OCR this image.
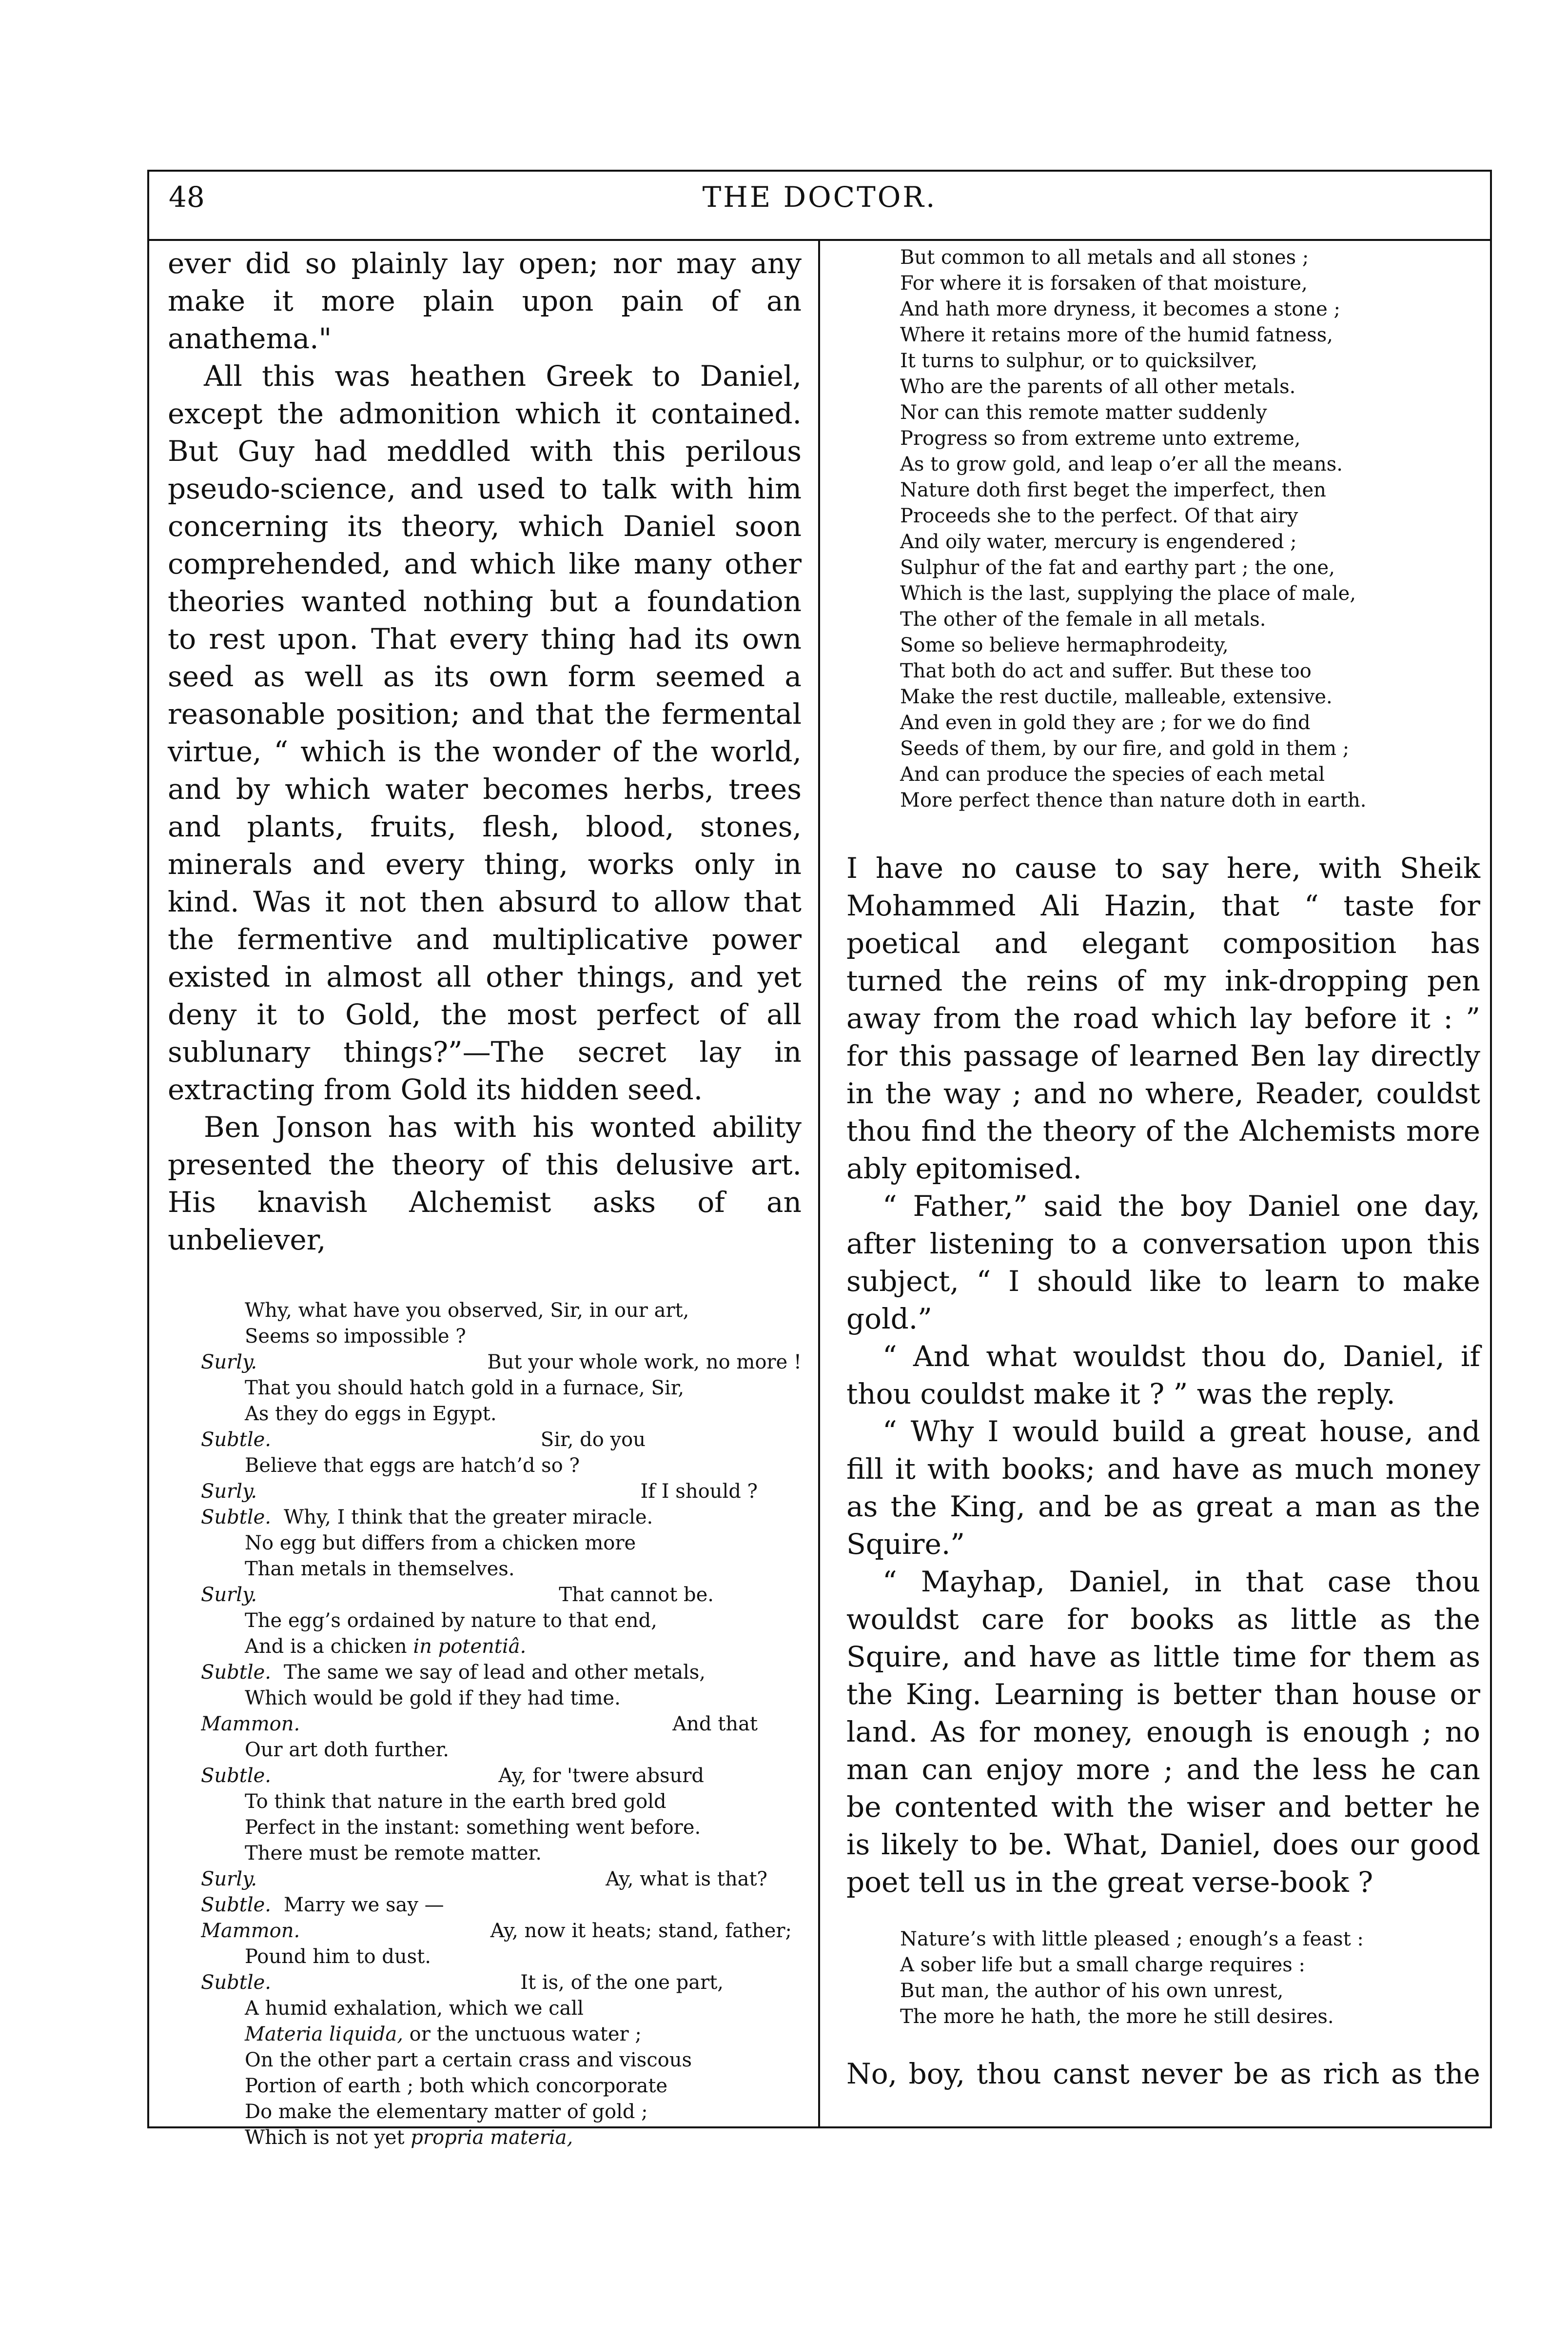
48	THE DOCTOR.

ever did so plainly lay open; nor may any make it more plain upon pain of an anathema."

All this was heathen Greek to Daniel, except the admonition which it contained. But Guy had meddled with this perilous pseudo-science, and used to talk with him concerning its theory, which Daniel soon comprehended, and which like many other theories wanted nothing but a foundation to rest upon. That every thing had its own seed as well as its own form seemed a reasonable position; and that the fermental virtue, “ which is the wonder of the world, and by which water becomes herbs, trees and plants, fruits, flesh, blood, stones, minerals and every thing, works only in kind. Was it not then absurd to allow that the fermentive and multiplicative power existed in almost all other things, and yet deny it to Gold, the most perfect of all sublunary things?”—The secret lay in extracting from Gold its hidden seed.

Ben Jonson has with his wonted ability presented the theory of this delusive art. His knavish Alchemist asks of an unbeliever,

Why, what have you observed, Sir, in our art,
Seems so impossible ?
Surly.	But your whole work, no more !
That you should hatch gold in a furnace, Sir,
As they do eggs in Egypt.
Subtle.	Sir, do you
Believe that eggs are hatch’d so ?
Surly.	If I should ?
Subtle. Why, I think that the greater miracle.
No egg but differs from a chicken more
Than metals in themselves.
Surly.	That cannot be.
The egg’s ordained by nature to that end,
And is a chicken in potentiâ.
Subtle. The same we say of lead and other metals,
Which would be gold if they had time.
Mammon.	And that
Our art doth further.
Subtle.	Ay, for 'twere absurd
To think that nature in the earth bred gold
Perfect in the instant: something went before.
There must be remote matter.
Surly.	Ay, what is that?
Subtle. Marry we say —
Mammon.	Ay, now it heats; stand, father;
Pound him to dust.
Subtle.	It is, of the one part,
A humid exhalation, which we call
Materia liquida, or the unctuous water ;
On the other part a certain crass and viscous
Portion of earth ; both which concorporate
Do make the elementary matter of gold ;
Which is not yet propria materia,
But common to all metals and all stones ;
For where it is forsaken of that moisture,
And hath more dryness, it becomes a stone ;
Where it retains more of the humid fatness,
It turns to sulphur, or to quicksilver,
Who are the parents of all other metals.
Nor can this remote matter suddenly
Progress so from extreme unto extreme,
As to grow gold, and leap o’er all the means.
Nature doth first beget the imperfect, then
Proceeds she to the perfect. Of that airy
And oily water, mercury is engendered ;
Sulphur of the fat and earthy part ; the one,
Which is the last, supplying the place of male,
The other of the female in all metals.
Some so believe hermaphrodeity,
That both do act and suffer. But these too
Make the rest ductile, malleable, extensive.
And even in gold they are ; for we do find
Seeds of them, by our fire, and gold in them ;
And can produce the species of each metal
More perfect thence than nature doth in earth.

I have no cause to say here, with Sheik Mohammed Ali Hazin, that “ taste for poetical and elegant composition has turned the reins of my ink-dropping pen away from the road which lay before it : ” for this passage of learned Ben lay directly in the way ; and no where, Reader, couldst thou find the theory of the Alchemists more ably epitomised.

“ Father,” said the boy Daniel one day, after listening to a conversation upon this subject, “ I should like to learn to make gold.”

“ And what wouldst thou do, Daniel, if thou couldst make it ? ” was the reply.

“ Why I would build a great house, and fill it with books; and have as much money as the King, and be as great a man as the Squire.”

“ Mayhap, Daniel, in that case thou wouldst care for books as little as the Squire, and have as little time for them as the King. Learning is better than house or land. As for money, enough is enough ; no man can enjoy more ; and the less he can be contented with the wiser and better he is likely to be. What, Daniel, does our good poet tell us in the great verse-book ?

Nature’s with little pleased ; enough’s a feast :
A sober life but a small charge requires :
But man, the author of his own unrest,
The more he hath, the more he still desires.

No, boy, thou canst never be as rich as the
